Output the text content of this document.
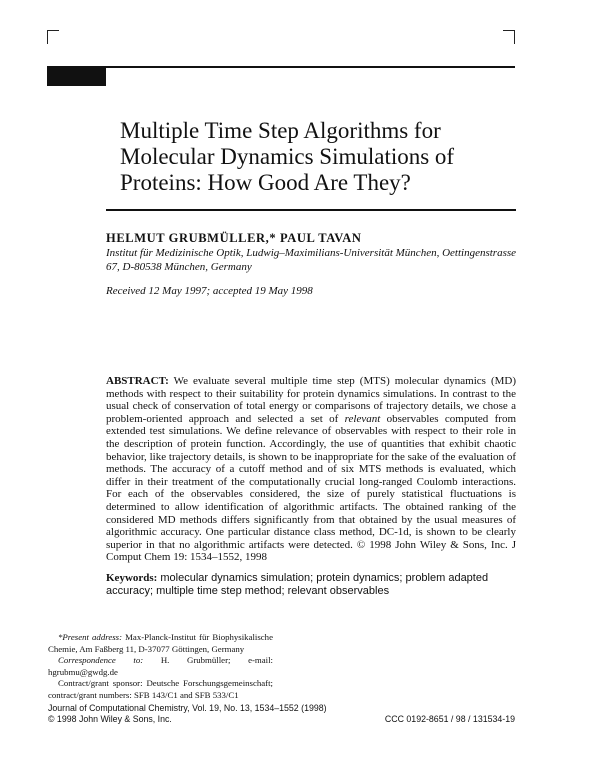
Multiple Time Step Algorithms for Molecular Dynamics Simulations of Proteins: How Good Are They?
HELMUT GRUBMÜLLER,* PAUL TAVAN
Institut für Medizinische Optik, Ludwig–Maximilians-Universität München, Oettingenstrasse 67, D-80538 München, Germany
Received 12 May 1997; accepted 19 May 1998
ABSTRACT: We evaluate several multiple time step (MTS) molecular dynamics (MD) methods with respect to their suitability for protein dynamics simulations. In contrast to the usual check of conservation of total energy or comparisons of trajectory details, we chose a problem-oriented approach and selected a set of relevant observables computed from extended test simulations. We define relevance of observables with respect to their role in the description of protein function. Accordingly, the use of quantities that exhibit chaotic behavior, like trajectory details, is shown to be inappropriate for the sake of the evaluation of methods. The accuracy of a cutoff method and of six MTS methods is evaluated, which differ in their treatment of the computationally crucial long-ranged Coulomb interactions. For each of the observables considered, the size of purely statistical fluctuations is determined to allow identification of algorithmic artifacts. The obtained ranking of the considered MD methods differs significantly from that obtained by the usual measures of algorithmic accuracy. One particular distance class method, DC-1d, is shown to be clearly superior in that no algorithmic artifacts were detected. © 1998 John Wiley & Sons, Inc. J Comput Chem 19: 1534–1552, 1998
Keywords: molecular dynamics simulation; protein dynamics; problem adapted accuracy; multiple time step method; relevant observables

*Present address: Max-Planck-Institut für Biophysikalische Chemie, Am Faßberg 11, D-37077 Göttingen, Germany

Correspondence to: H. Grubmüller; e-mail: hgrubmu@gwdg.de

Contract/grant sponsor: Deutsche Forschungsgemeinschaft; contract/grant numbers: SFB 143/C1 and SFB 533/C1

Journal of Computational Chemistry, Vol. 19, No. 13, 1534–1552 (1998)
© 1998 John Wiley & Sons, Inc.	CCC 0192-8651 / 98 / 131534-19
